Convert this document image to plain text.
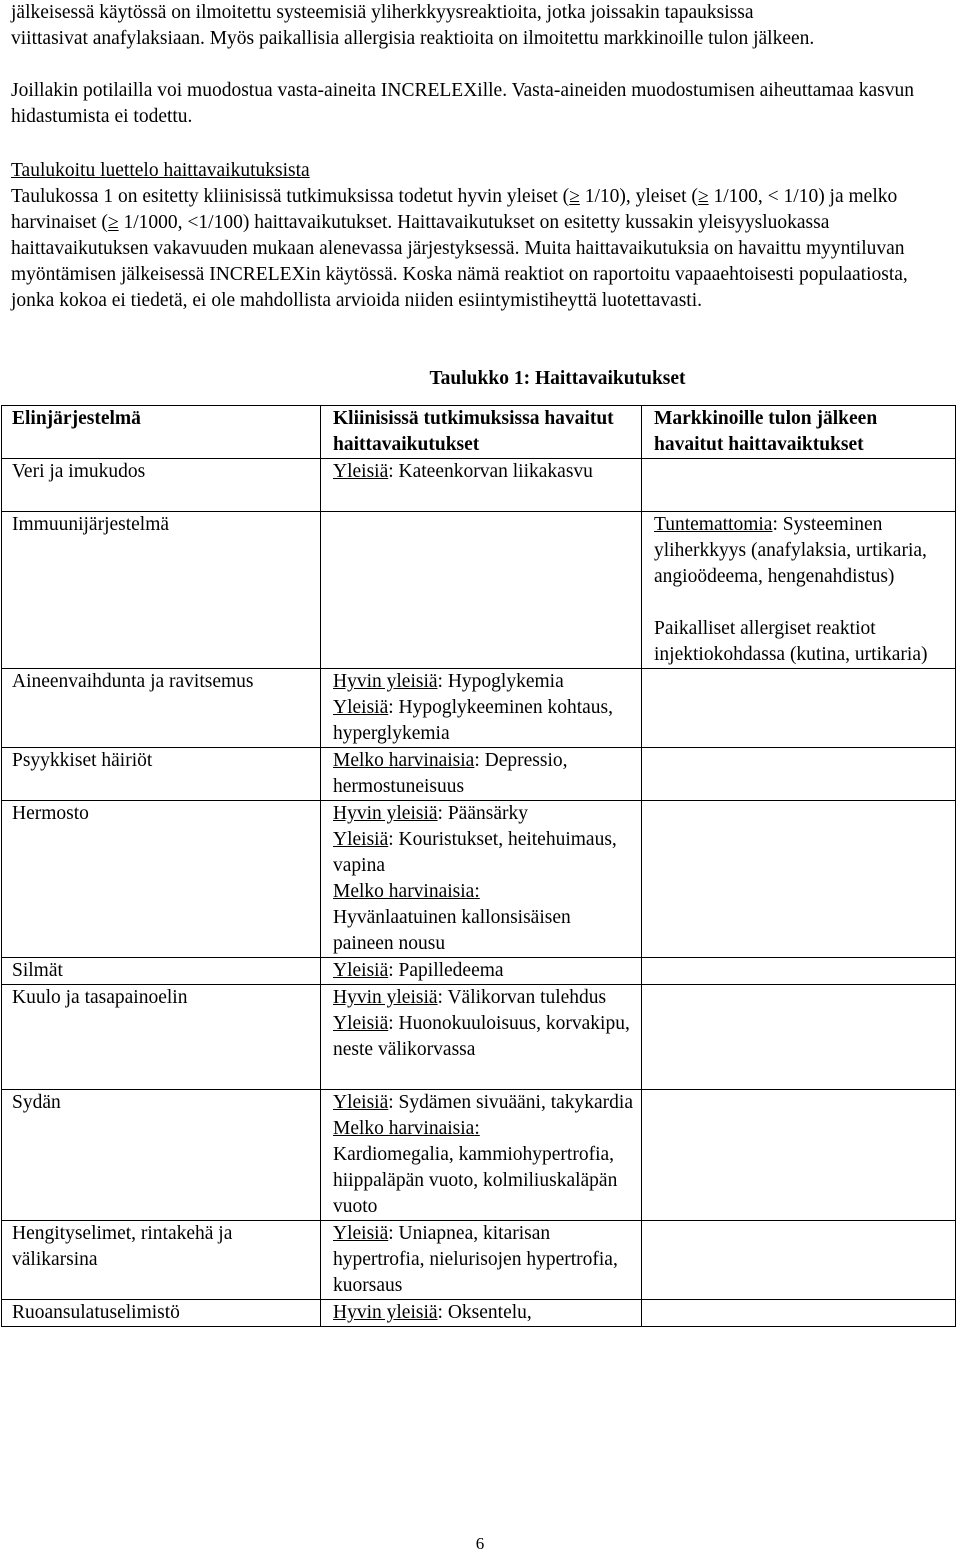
jälkeisessä käytössä on ilmoitettu systeemisiä yliherkkyysreaktioita, jotka joissakin tapauksissa
viittasivat anafylaksiaan. Myös paikallisia allergisia reaktioita on ilmoitettu markkinoille tulon jälkeen.

Joillakin potilailla voi muodostua vasta-aineita INCRELEXille. Vasta-aineiden muodostumisen aiheuttamaa kasvun hidastumista ei todettu.

Taulukoitu luettelo haittavaikutuksista
Taulukossa 1 on esitetty kliinisissä tutkimuksissa todetut hyvin yleiset (≥ 1/10), yleiset (≥ 1/100, < 1/10) ja melko harvinaiset (≥ 1/1000, <1/100) haittavaikutukset. Haittavaikutukset on esitetty kussakin yleisyysluokassa haittavaikutuksen vakavuuden mukaan alenevassa järjestyksessä. Muita haittavaikutuksia on havaittu myyntiluvan myöntämisen jälkeisessä INCRELEXin käytössä. Koska nämä reaktiot on raportoitu vapaaehtoisesti populaatiosta, jonka kokoa ei tiedetä, ei ole mahdollista arvioida niiden esiintymistiheyttä luotettavasti.

Taulukko 1: Haittavaikutukset
Elinjärjestelmä	Kliinisissä tutkimuksissa havaitut haittavaikutukset	Markkinoille tulon jälkeen havaitut haittavaiktukset
Veri ja imukudos	Yleisiä: Kateenkorvan liikakasvu

Immuunijärjestelmä		Tuntemattomia: Systeeminen yliherkkyys (anafylaksia, urtikaria, angioödeema, hengenahdistus)
Paikalliset allergiset reaktiot injektiokohdassa (kutina, urtikaria)

Aineenvaihdunta ja ravitsemus	Hyvin yleisiä: Hypoglykemia
Yleisiä: Hypoglykeeminen kohtaus, hyperglykemia	
Psyykkiset häiriöt	Melko harvinaisia: Depressio, hermostuneisuus	
Hermosto	Hyvin yleisiä: Päänsärky
Yleisiä: Kouristukset, heitehuimaus, vapina
Melko harvinaisia:
Hyvänlaatuinen kallonsisäisen paineen nousu	
Silmät	Yleisiä: Papilledeema	
Kuulo ja tasapainoelin	Hyvin yleisiä: Välikorvan tulehdus
Yleisiä: Huonokuuloisuus, korvakipu, neste välikorvassa

Sydän	Yleisiä: Sydämen sivuääni, takykardia
Melko harvinaisia:
Kardiomegalia, kammiohypertrofia, hiippaläpän vuoto, kolmiliuskaläpän vuoto	
Hengityselimet, rintakehä ja välikarsina	Yleisiä: Uniapnea, kitarisan hypertrofia, nielurisojen hypertrofia, kuorsaus	
Ruoansulatuselimistö	Hyvin yleisiä: Oksentelu,	
6
